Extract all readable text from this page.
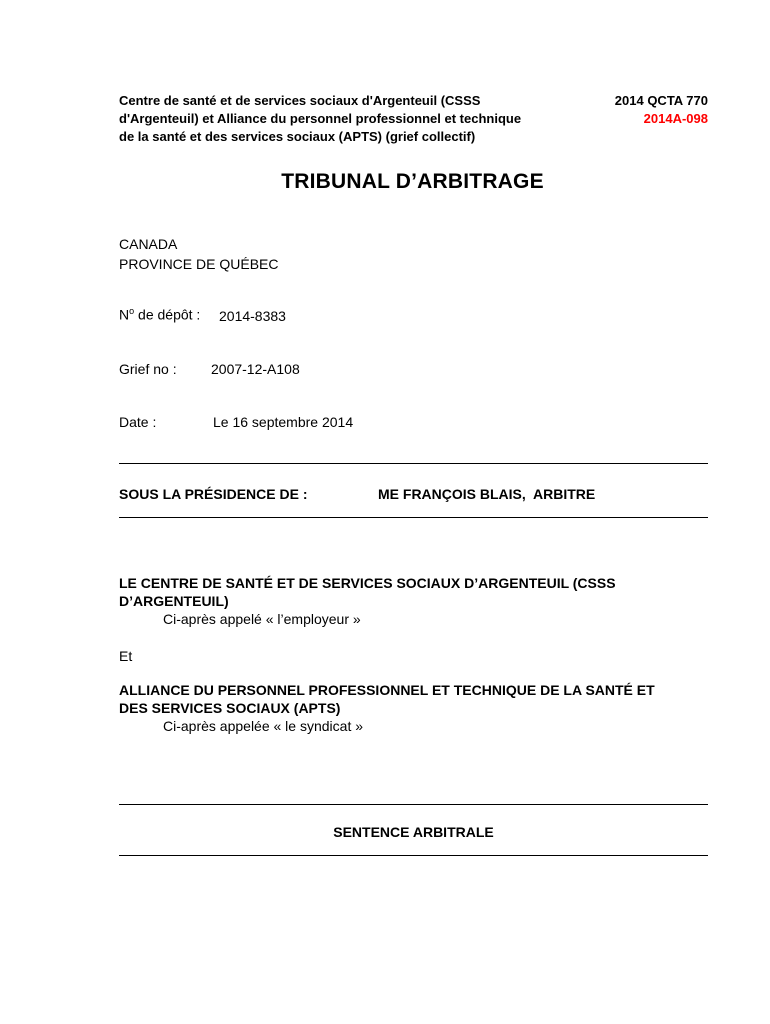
Centre de santé et de services sociaux d'Argenteuil (CSSS
d'Argenteuil) et Alliance du personnel professionnel et technique
de la santé et des services sociaux (APTS) (grief collectif)
2014 QCTA 770
2014A-098
TRIBUNAL D’ARBITRAGE
CANADA
PROVINCE DE QUÉBEC
$N^o$ de dépôt : 2014-8383
Grief no : 2007-12-A108
Date :	Le 16 septembre 2014
SOUS LA PRÉSIDENCE DE :	ME FRANÇOIS BLAIS,  ARBITRE
LE CENTRE DE SANTÉ ET DE SERVICES SOCIAUX D’ARGENTEUIL (CSSS
D’ARGENTEUIL)
Ci-après appelé « l’employeur »
Et
ALLIANCE DU PERSONNEL PROFESSIONNEL ET TECHNIQUE DE LA SANTÉ ET
DES SERVICES SOCIAUX (APTS)
Ci-après appelée « le syndicat »
SENTENCE ARBITRALE
